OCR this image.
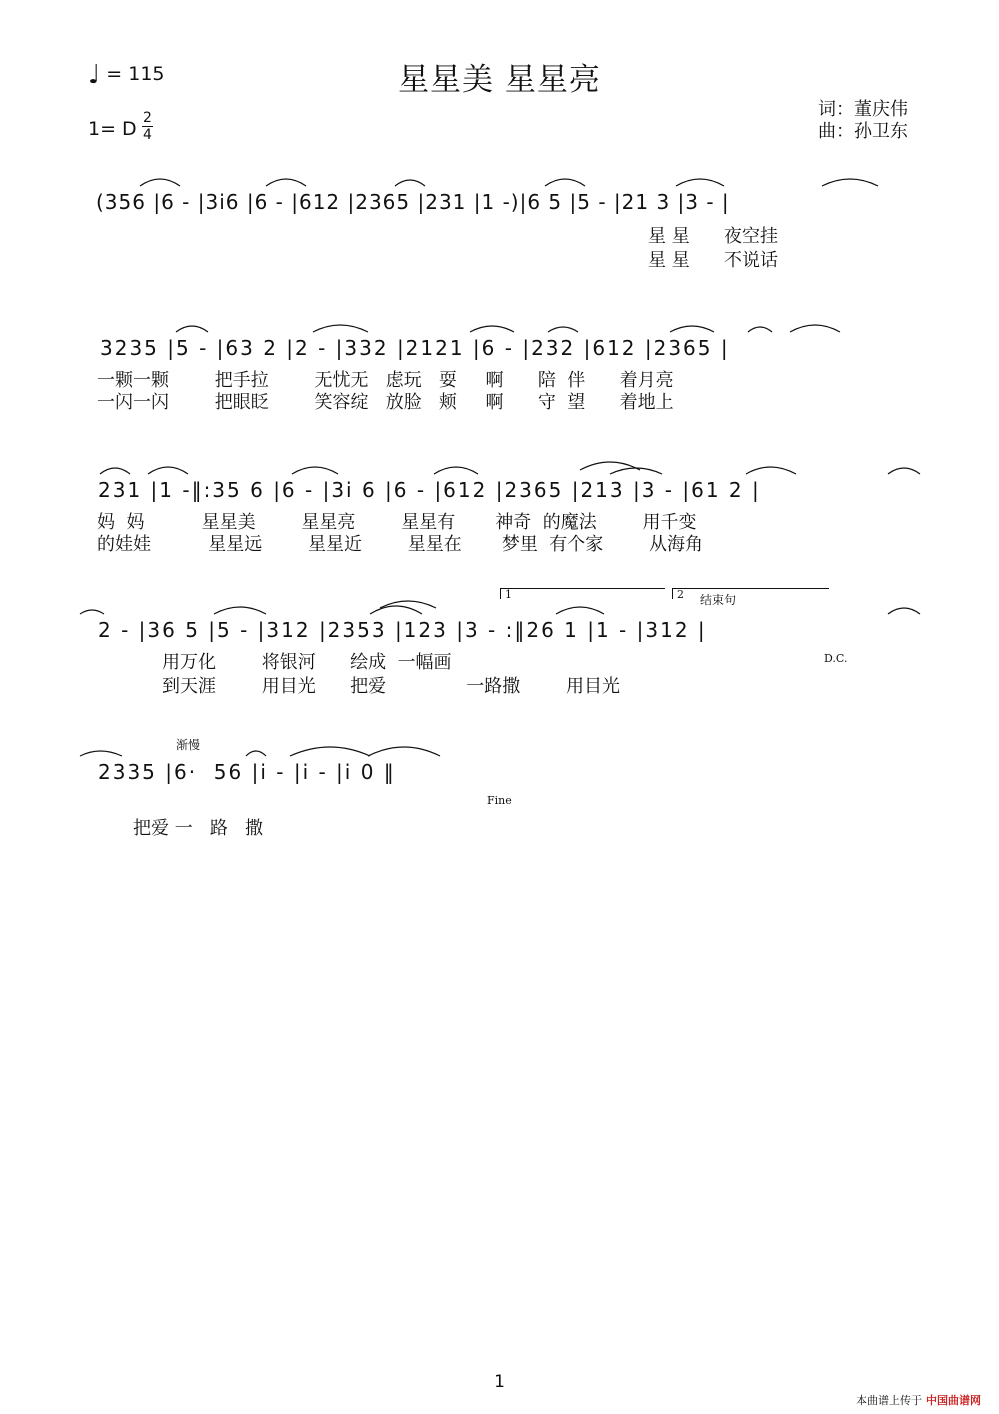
星星美 星星亮
♩ = 115
1= D 2
4
词：董庆伟
曲：孙卫东
(356 |6 - |3i6 |6 - |612 |2365 |231 |1 -)|6 5 |5 - |21 3 |3 - |
星 星      夜空挂
星 星      不说话
3235 |5 - |63 2 |2 - |332 |2121 |6 - |232 |612 |2365 |
一颗一颗        把手拉        无忧无   虑玩   耍     啊      陪  伴      着月亮
一闪一闪        把眼眨        笑容绽   放脸   颊     啊      守  望      着地上
231 |1 -‖:35 6 |6 - |3i 6 |6 - |612 |2365 |213 |3 - |61 2 |
妈  妈          星星美        星星亮        星星有       神奇  的魔法        用千变
的娃娃          星星远        星星近        星星在       梦里  有个家        从海角
1	2 结束句
2 - |36 5 |5 - |312 |2353 |123 |3 - :‖26 1 |1 - |312 |
用万化        将银河      绘成  一幅画	D.C.
到天涯        用目光      把爱              一路撒        用目光
渐慢
2335 |6·  56 |i - |i - |i 0 ‖
Fine
把爱 一   路   撒
1
本曲谱上传于 中国曲谱网
